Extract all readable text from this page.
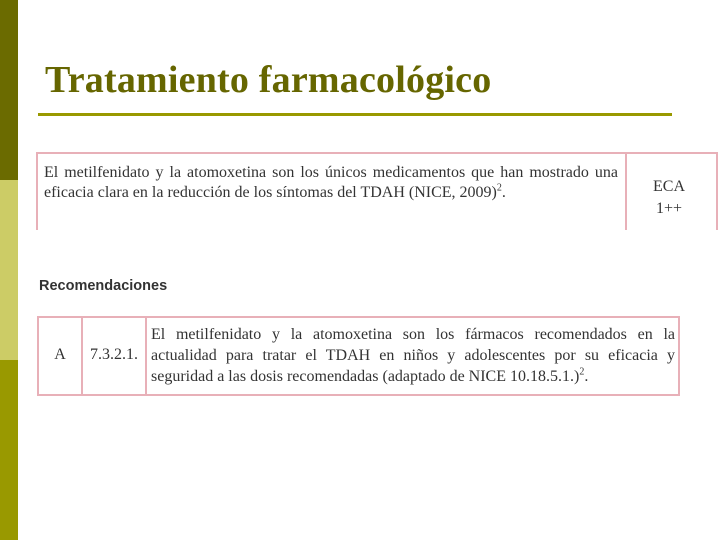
Tratamiento farmacológico
El metilfenidato y la atomoxetina son los únicos medicamentos que han mostrado una eficacia clara en la reducción de los síntomas del TDAH (NICE, 2009)$^2$.	ECA
1++
Recomendaciones
A	7.3.2.1.
El metilfenidato y la atomoxetina son los fármacos recomendados en la actualidad para tratar el TDAH en niños y adolescentes por su eficacia y seguridad a las dosis recomendadas (adaptado de NICE 10.18.5.1.)$^2$.
